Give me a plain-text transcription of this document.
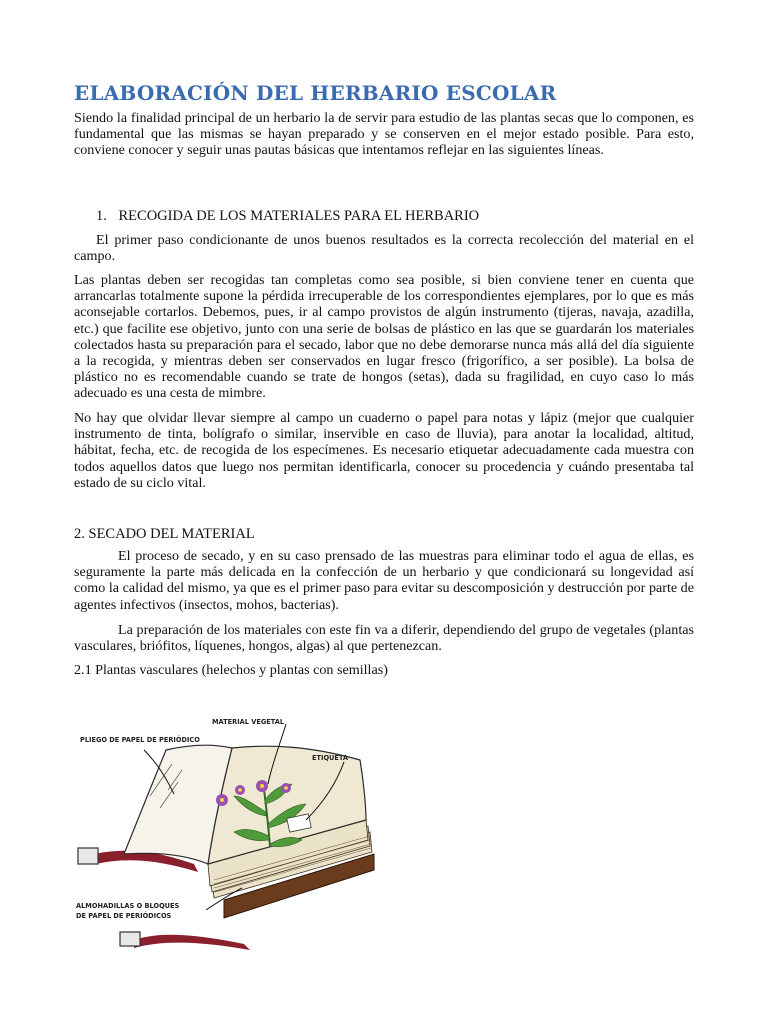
ELABORACIÓN DEL HERBARIO ESCOLAR

Siendo la finalidad principal de un herbario la de servir para estudio de las plantas secas que lo componen, es fundamental que las mismas se hayan preparado y se conserven en el mejor estado posible. Para esto, conviene conocer y seguir unas pautas básicas que intentamos reflejar en las siguientes líneas.

1. RECOGIDA DE LOS MATERIALES PARA EL HERBARIO

El primer paso condicionante de unos buenos resultados es la correcta recolección del material en el campo.

Las plantas deben ser recogidas tan completas como sea posible, si bien conviene tener en cuenta que arrancarlas totalmente supone la pérdida irrecuperable de los correspondientes ejemplares, por lo que es más aconsejable cortarlos. Debemos, pues, ir al campo provistos de algún instrumento (tijeras, navaja, azadilla, etc.) que facilite ese objetivo, junto con una serie de bolsas de plástico en las que se guardarán los materiales colectados hasta su preparación para el secado, labor que no debe demorarse nunca más allá del día siguiente a la recogida, y mientras deben ser conservados en lugar fresco (frigorífico, a ser posible). La bolsa de plástico no es recomendable cuando se trate de hongos (setas), dada su fragilidad, en cuyo caso lo más adecuado es una cesta de mimbre.

No hay que olvidar llevar siempre al campo un cuaderno o papel para notas y lápiz (mejor que cualquier instrumento de tinta, bolígrafo o similar, inservible en caso de lluvia), para anotar la localidad, altitud, hábitat, fecha, etc. de recogida de los especímenes. Es necesario etiquetar adecuadamente cada muestra con todos aquellos datos que luego nos permitan identificarla, conocer su procedencia y cuándo presentaba tal estado de su ciclo vital.

2. SECADO DEL MATERIAL

El proceso de secado, y en su caso prensado de las muestras para eliminar todo el agua de ellas, es seguramente la parte más delicada en la confección de un herbario y que condicionará su longevidad así como la calidad del mismo, ya que es el primer paso para evitar su descomposición y destrucción por parte de agentes infectivos (insectos, mohos, bacterias).

La preparación de los materiales con este fin va a diferir, dependiendo del grupo de vegetales (plantas vasculares, briófitos, líquenes, hongos, algas) al que pertenezcan.

2.1 Plantas vasculares (helechos y plantas con semillas)
PLIEGO DE PAPEL DE PERIÓDICO
MATERIAL VEGETAL
ETIQUETA
ALMOHADILLAS O BLOQUES
DE PAPEL DE PERIÓDICOS
